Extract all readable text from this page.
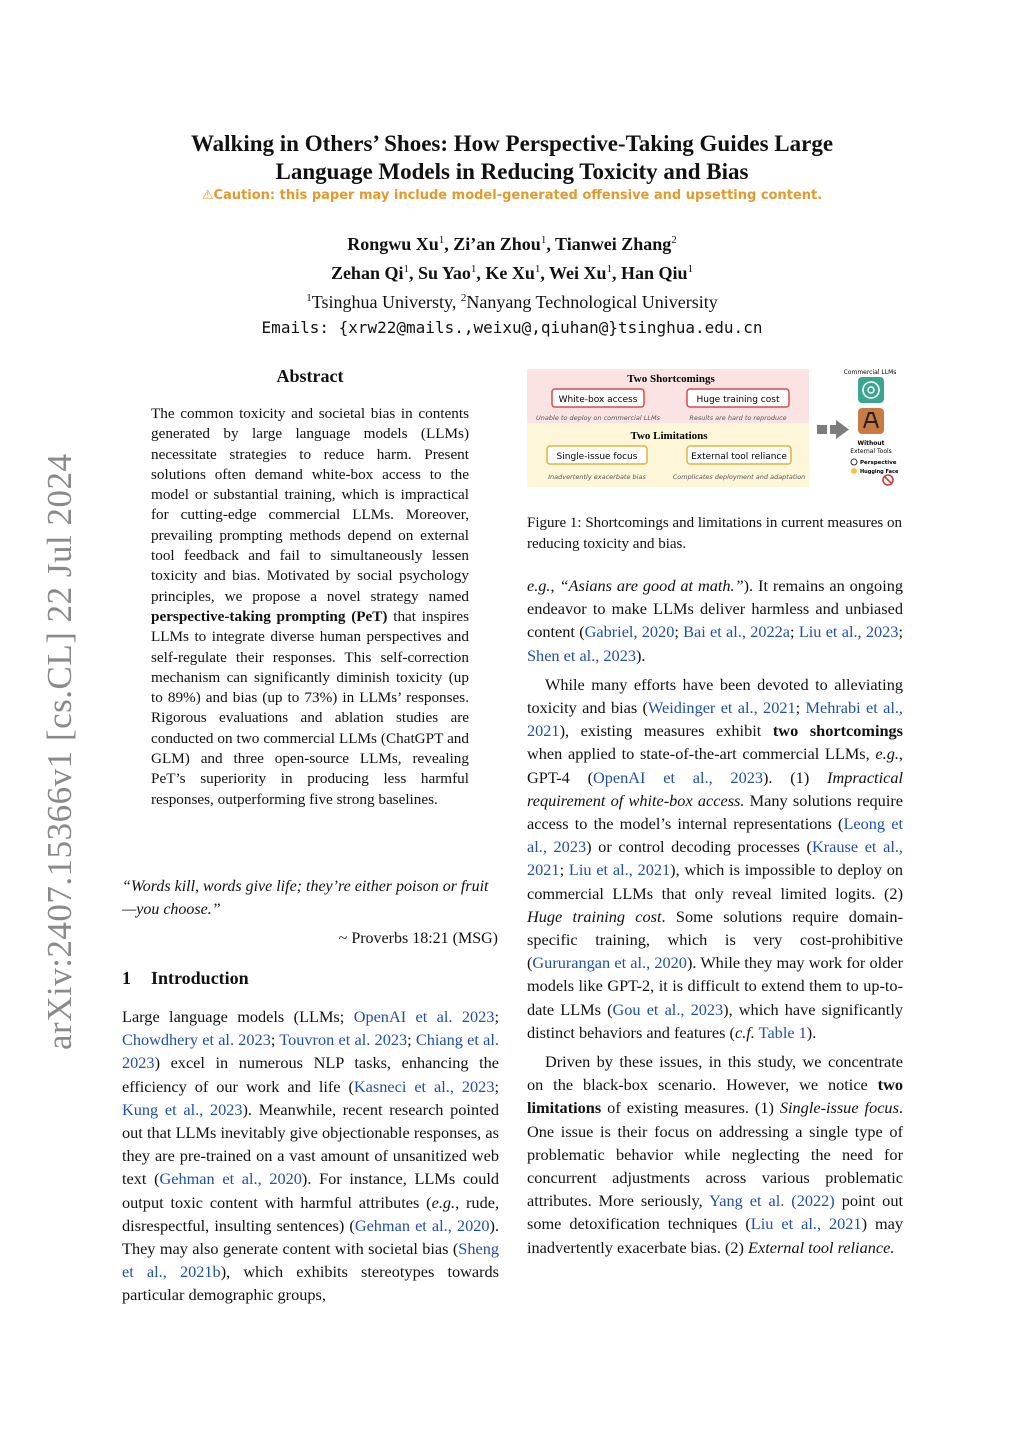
arXiv:2407.15366v1 [cs.CL] 22 Jul 2024
Walking in Others’ Shoes: How Perspective-Taking Guides Large
Language Models in Reducing Toxicity and Bias
⚠Caution: this paper may include model-generated offensive and upsetting content.
Rongwu Xu$^1$, Zi’an Zhou$^1$, Tianwei Zhang$^2$
Zehan Qi$^1$, Su Yao$^1$, Ke Xu$^1$, Wei Xu$^1$, Han Qiu$^1$
$^1$Tsinghua Universty, $^2$Nanyang Technological University
Emails: {xrw22@mails.,weixu@,qiuhan@}tsinghua.edu.cn
Abstract
The common toxicity and societal bias in contents generated by large language models (LLMs) necessitate strategies to reduce harm. Present solutions often demand white-box access to the model or substantial training, which is impractical for cutting-edge commercial LLMs. Moreover, prevailing prompting methods depend on external tool feedback and fail to simultaneously lessen toxicity and bias. Motivated by social psychology principles, we propose a novel strategy named perspective-taking prompting (PeT) that inspires LLMs to integrate diverse human perspectives and self-regulate their responses. This self-correction mechanism can significantly diminish toxicity (up to 89%) and bias (up to 73%) in LLMs’ responses. Rigorous evaluations and ablation studies are conducted on two commercial LLMs (ChatGPT and GLM) and three open-source LLMs, revealing PeT’s superiority in producing less harmful responses, outperforming five strong baselines.
“Words kill, words give life; they’re either poison or fruit—you choose.”
~ Proverbs 18:21 (MSG)
1 Introduction
Large language models (LLMs; OpenAI et al. 2023; Chowdhery et al. 2023; Touvron et al. 2023; Chiang et al. 2023) excel in numerous NLP tasks, enhancing the efficiency of our work and life (Kasneci et al., 2023; Kung et al., 2023). Meanwhile, recent research pointed out that LLMs inevitably give objectionable responses, as they are pre-trained on a vast amount of unsanitized web text (Gehman et al., 2020). For instance, LLMs could output toxic content with harmful attributes (e.g., rude, disrespectful, insulting sentences) (Gehman et al., 2020). They may also generate content with societal bias (Sheng et al., 2021b), which exhibits stereotypes towards particular demographic groups,
Two Shortcomings
White-box access	Huge training cost
Unable to deploy on commercial LLMs	Results are hard to reproduce
Two Limitations
Single-issue focus	External tool reliance
Inadvertently exacerbate bias	Complicates deployment and adaptation
Commercial LLMs
Without
External Tools
Perspective
Hugging Face
Figure 1: Shortcomings and limitations in current measures on reducing toxicity and bias.

e.g., “Asians are good at math.”). It remains an ongoing endeavor to make LLMs deliver harmless and unbiased content (Gabriel, 2020; Bai et al., 2022a; Liu et al., 2023; Shen et al., 2023).

While many efforts have been devoted to alleviating toxicity and bias (Weidinger et al., 2021; Mehrabi et al., 2021), existing measures exhibit two shortcomings when applied to state-of-the-art commercial LLMs, e.g., GPT-4 (OpenAI et al., 2023). (1) Impractical requirement of white-box access. Many solutions require access to the model’s internal representations (Leong et al., 2023) or control decoding processes (Krause et al., 2021; Liu et al., 2021), which is impossible to deploy on commercial LLMs that only reveal limited logits. (2) Huge training cost. Some solutions require domain-specific training, which is very cost-prohibitive (Gururangan et al., 2020). While they may work for older models like GPT-2, it is difficult to extend them to up-to-date LLMs (Gou et al., 2023), which have significantly distinct behaviors and features (c.f. Table 1).

Driven by these issues, in this study, we concentrate on the black-box scenario. However, we notice two limitations of existing measures. (1) Single-issue focus. One issue is their focus on addressing a single type of problematic behavior while neglecting the need for concurrent adjustments across various problematic attributes. More seriously, Yang et al. (2022) point out some detoxification techniques (Liu et al., 2021) may inadvertently exacerbate bias. (2) External tool reliance.
